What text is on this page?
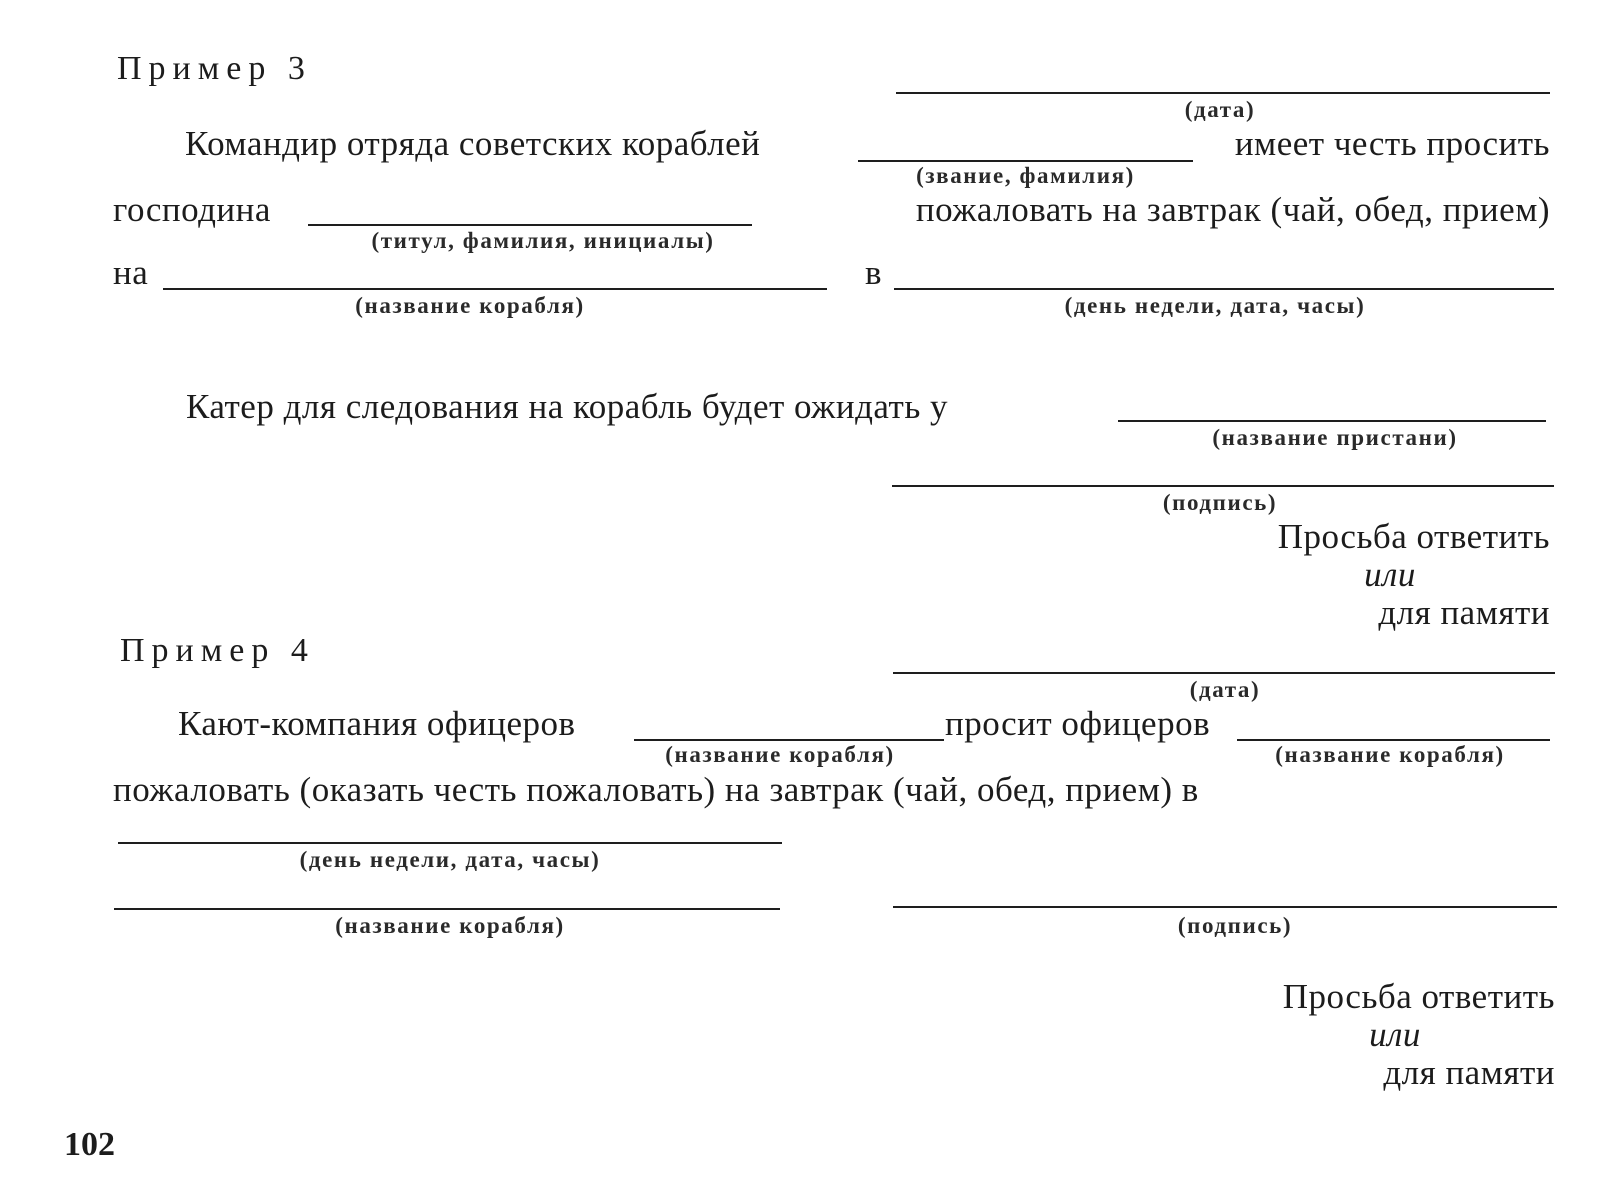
Пример 3
(дата)
Командир отряда советских кораблей
(звание, фамилия)
имеет честь просить
господина
(титул, фамилия, инициалы)
пожаловать на завтрак (чай, обед, прием)
на
(название корабля)
в
(день недели, дата, часы)
Катер для следования на корабль будет ожидать у
(название пристани)
(подпись)
Просьба ответить
или
для памяти
Пример 4
(дата)
Кают-компания офицеров
(название корабля)
просит офицеров
(название корабля)
пожаловать (оказать честь пожаловать) на завтрак (чай, обед, прием) в
(день недели, дата, часы)
(название корабля)	(подпись)
Просьба ответить
или
для памяти
102
